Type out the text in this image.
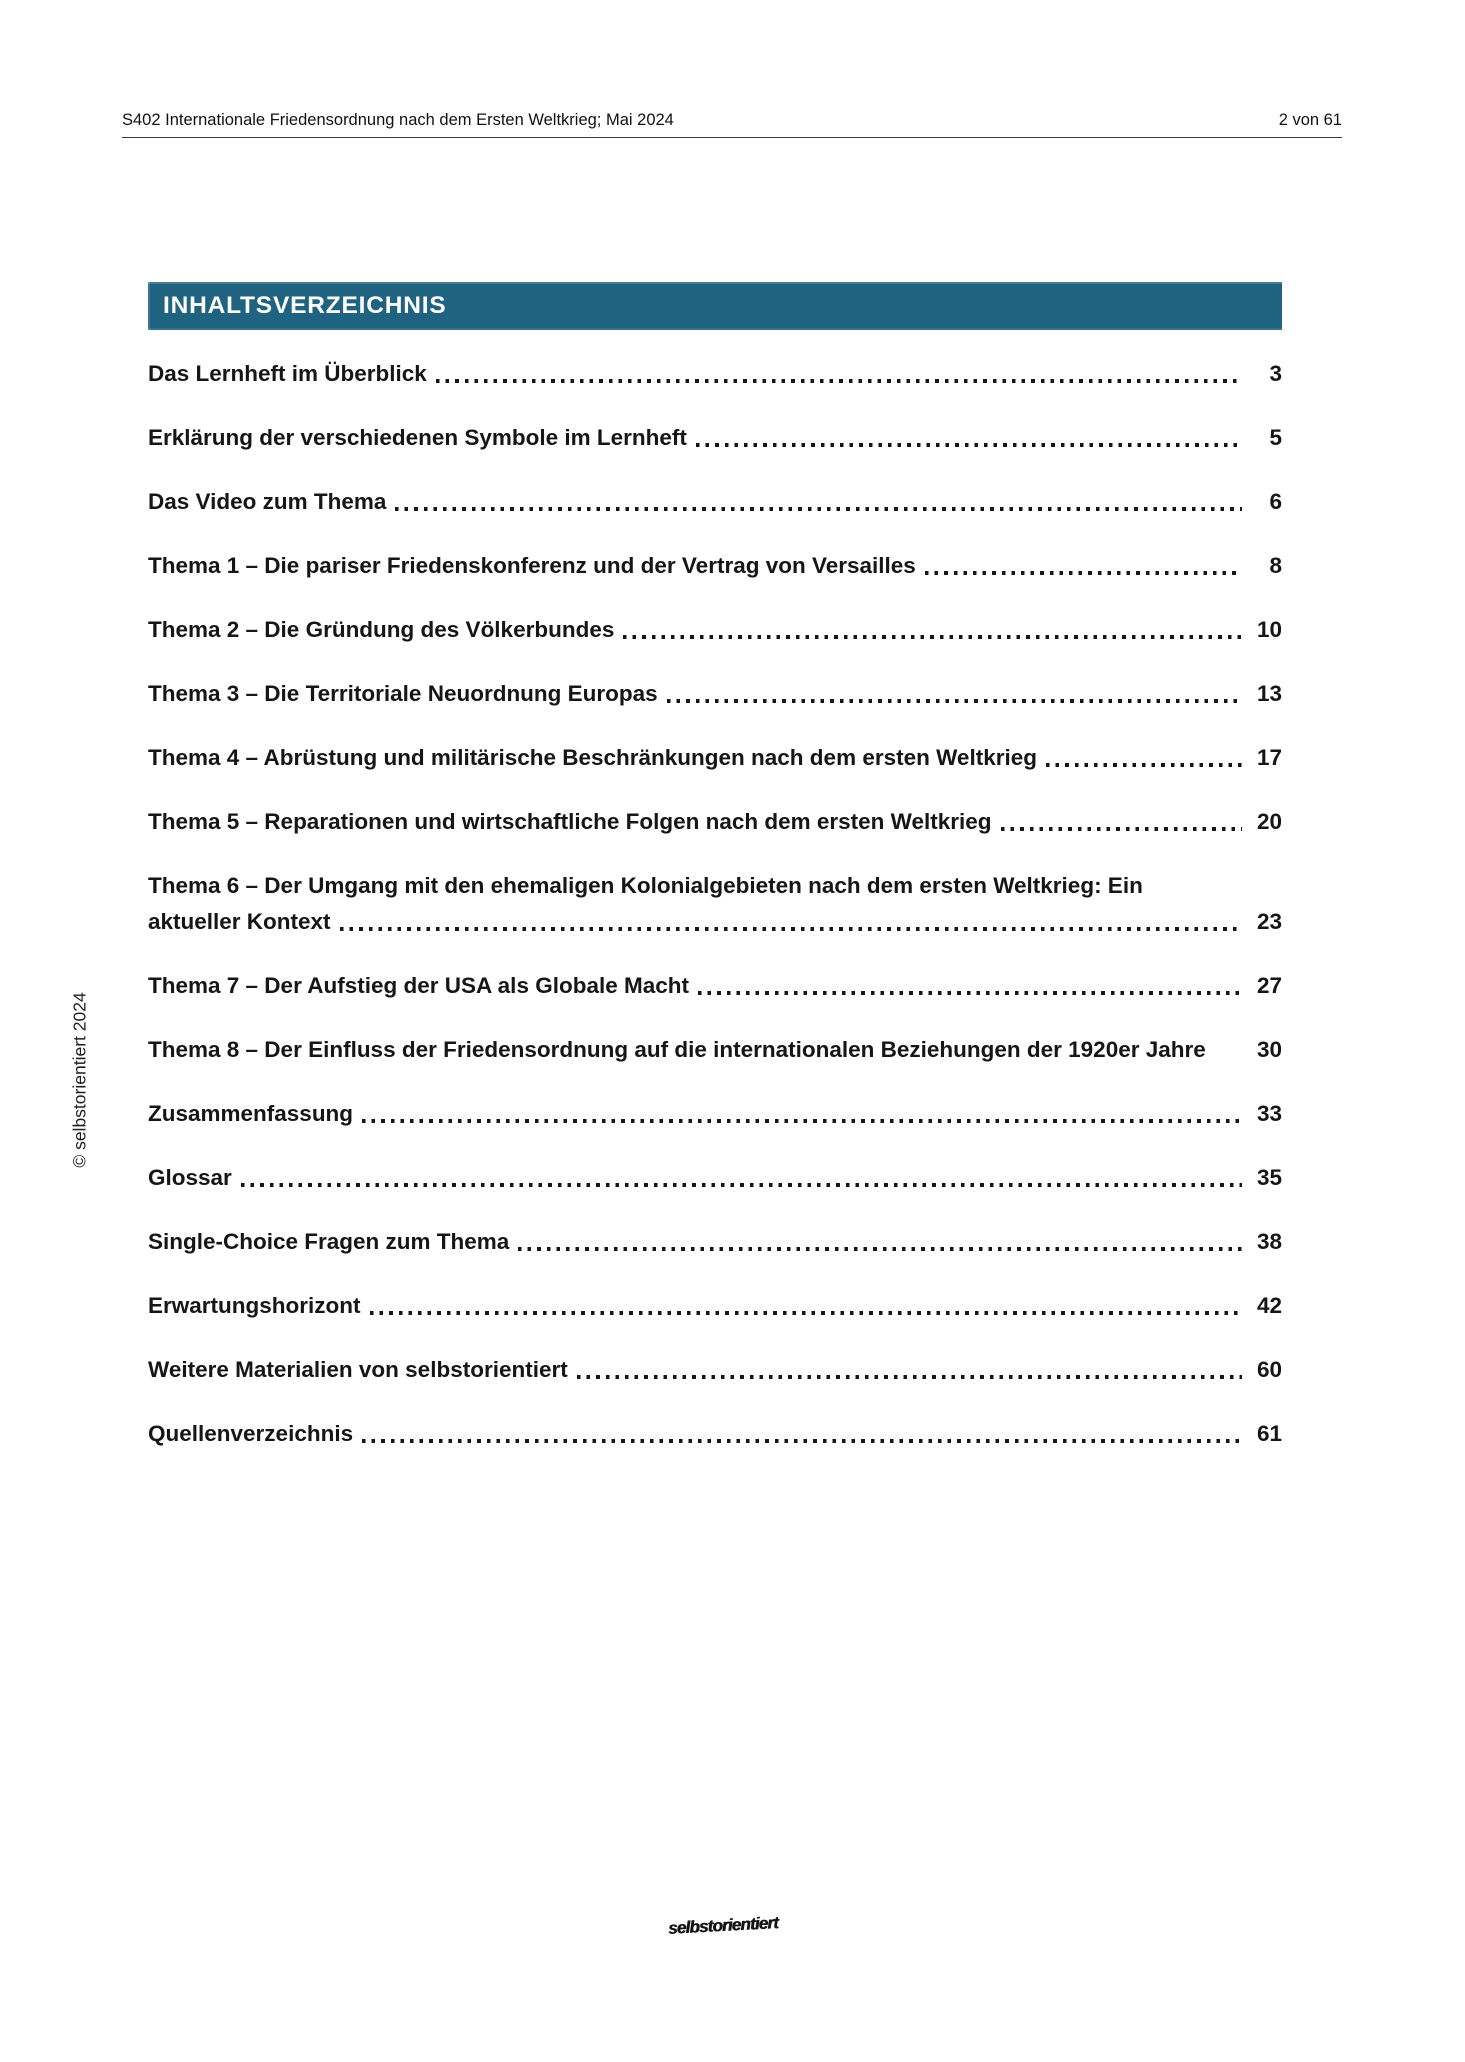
S402 Internationale Friedensordnung nach dem Ersten Weltkrieg; Mai 2024	2 von 61
INHALTSVERZEICHNIS
Das Lernheft im Überblick	3
Erklärung der verschiedenen Symbole im Lernheft	5
Das Video zum Thema	6
Thema 1 – Die pariser Friedenskonferenz und der Vertrag von Versailles	8
Thema 2 – Die Gründung des Völkerbundes	10
Thema 3 – Die Territoriale Neuordnung Europas	13
Thema 4 – Abrüstung und militärische Beschränkungen nach dem ersten Weltkrieg	17
Thema 5 – Reparationen und wirtschaftliche Folgen nach dem ersten Weltkrieg	20
Thema 6 – Der Umgang mit den ehemaligen Kolonialgebieten nach dem ersten Weltkrieg: Ein
aktueller Kontext	23
Thema 7 – Der Aufstieg der USA als Globale Macht	27
Thema 8 – Der Einfluss der Friedensordnung auf die internationalen Beziehungen der 1920er Jahre	30
Zusammenfassung	33
Glossar	35
Single-Choice Fragen zum Thema	38
Erwartungshorizont	42
Weitere Materialien von selbstorientiert	60
Quellenverzeichnis	61
© selbstorientiert 2024
selbstorientiert
